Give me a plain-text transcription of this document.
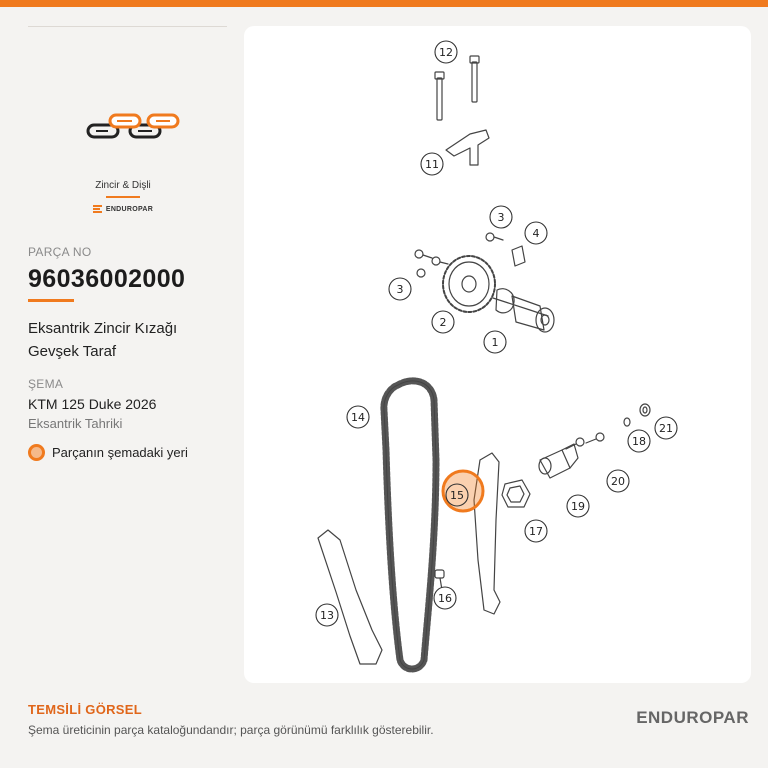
Zincir & Dişli
ENDUROPAR
PARÇA NO
96036002000
Eksantrik Zincir Kızağı
Gevşek Taraf
ŞEMA
KTM 125 Duke 2026
Eksantrik Tahriki
Parçanın şemadaki yeri
12
11
3
4
3
2
1
14
21
18
15
20
19
17
16
13
TEMSİLİ GÖRSEL
Şema üreticinin parça kataloğundandır; parça görünümü farklılık gösterebilir.
ENDUROPAR
